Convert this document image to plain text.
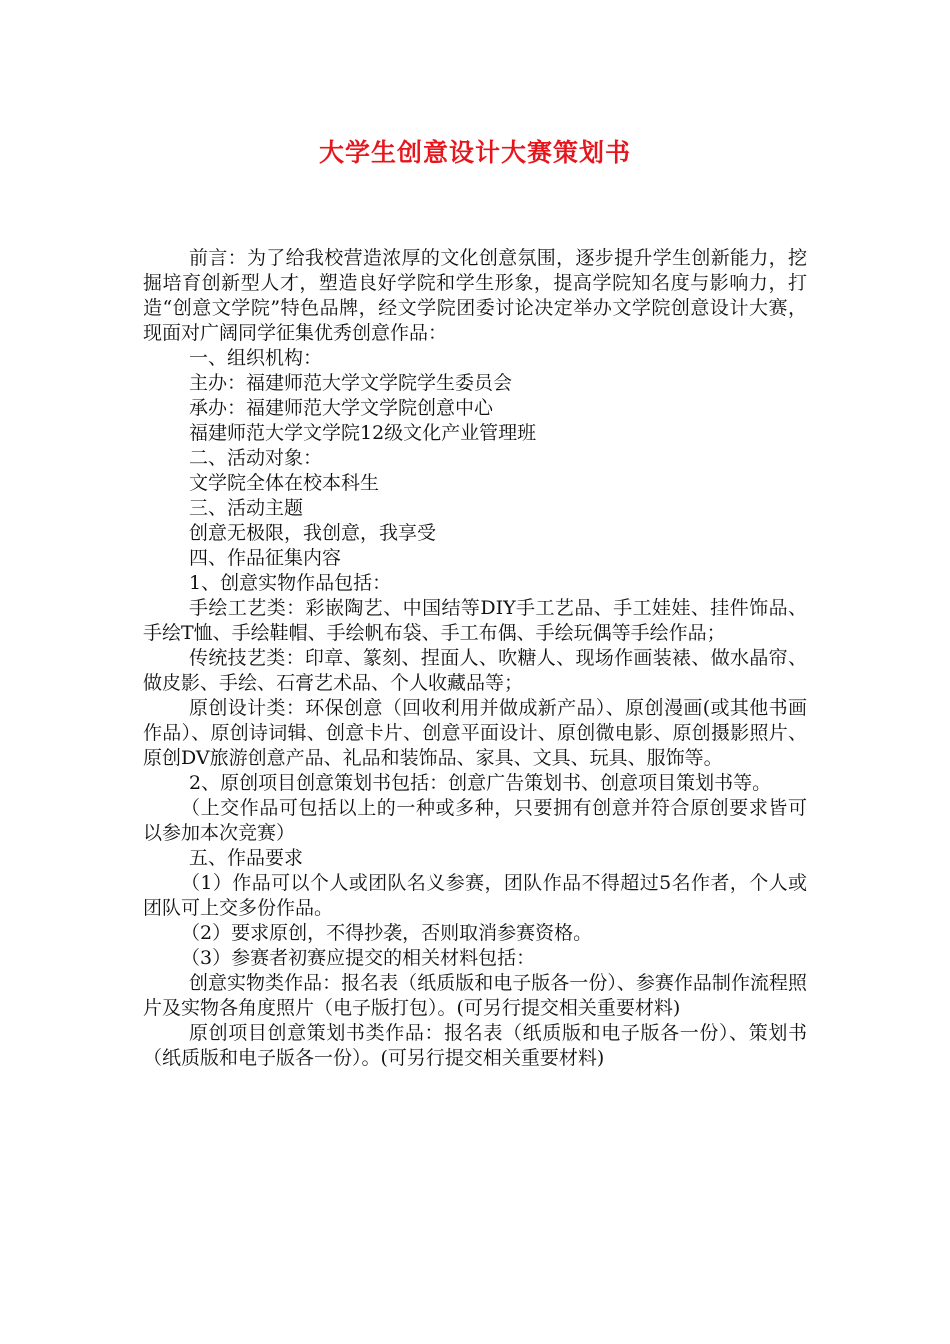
大学生创意设计大赛策划书

前言：为了给我校营造浓厚的文化创意氛围，逐步提升学生创新能力，挖掘培育创新型人才，塑造良好学院和学生形象，提高学院知名度与影响力，打造“创意文学院”特色品牌，经文学院团委讨论决定举办文学院创意设计大赛，现面对广阔同学征集优秀创意作品：

一、组织机构：

主办：福建师范大学文学院学生委员会

承办：福建师范大学文学院创意中心

福建师范大学文学院12级文化产业管理班

二、活动对象：

文学院全体在校本科生

三、活动主题

创意无极限，我创意，我享受

四、作品征集内容

1、创意实物作品包括：

手绘工艺类：彩嵌陶艺、中国结等DIY手工艺品、手工娃娃、挂件饰品、手绘T恤、手绘鞋帽、手绘帆布袋、手工布偶、手绘玩偶等手绘作品；

传统技艺类：印章、篆刻、捏面人、吹糖人、现场作画装裱、做水晶帘、做皮影、手绘、石膏艺术品、个人收藏品等；

原创设计类：环保创意（回收利用并做成新产品）、原创漫画(或其他书画作品）、原创诗词辑、创意卡片、创意平面设计、原创微电影、原创摄影照片、原创DV旅游创意产品、礼品和装饰品、家具、文具、玩具、服饰等。

2、原创项目创意策划书包括：创意广告策划书、创意项目策划书等。

（上交作品可包括以上的一种或多种，只要拥有创意并符合原创要求皆可以参加本次竞赛）

五、作品要求

（1）作品可以个人或团队名义参赛，团队作品不得超过5名作者，个人或团队可上交多份作品。

（2）要求原创，不得抄袭，否则取消参赛资格。

（3）参赛者初赛应提交的相关材料包括：

创意实物类作品：报名表（纸质版和电子版各一份）、参赛作品制作流程照片及实物各角度照片（电子版打包）。(可另行提交相关重要材料)

原创项目创意策划书类作品：报名表（纸质版和电子版各一份）、策划书（纸质版和电子版各一份）。(可另行提交相关重要材料)
